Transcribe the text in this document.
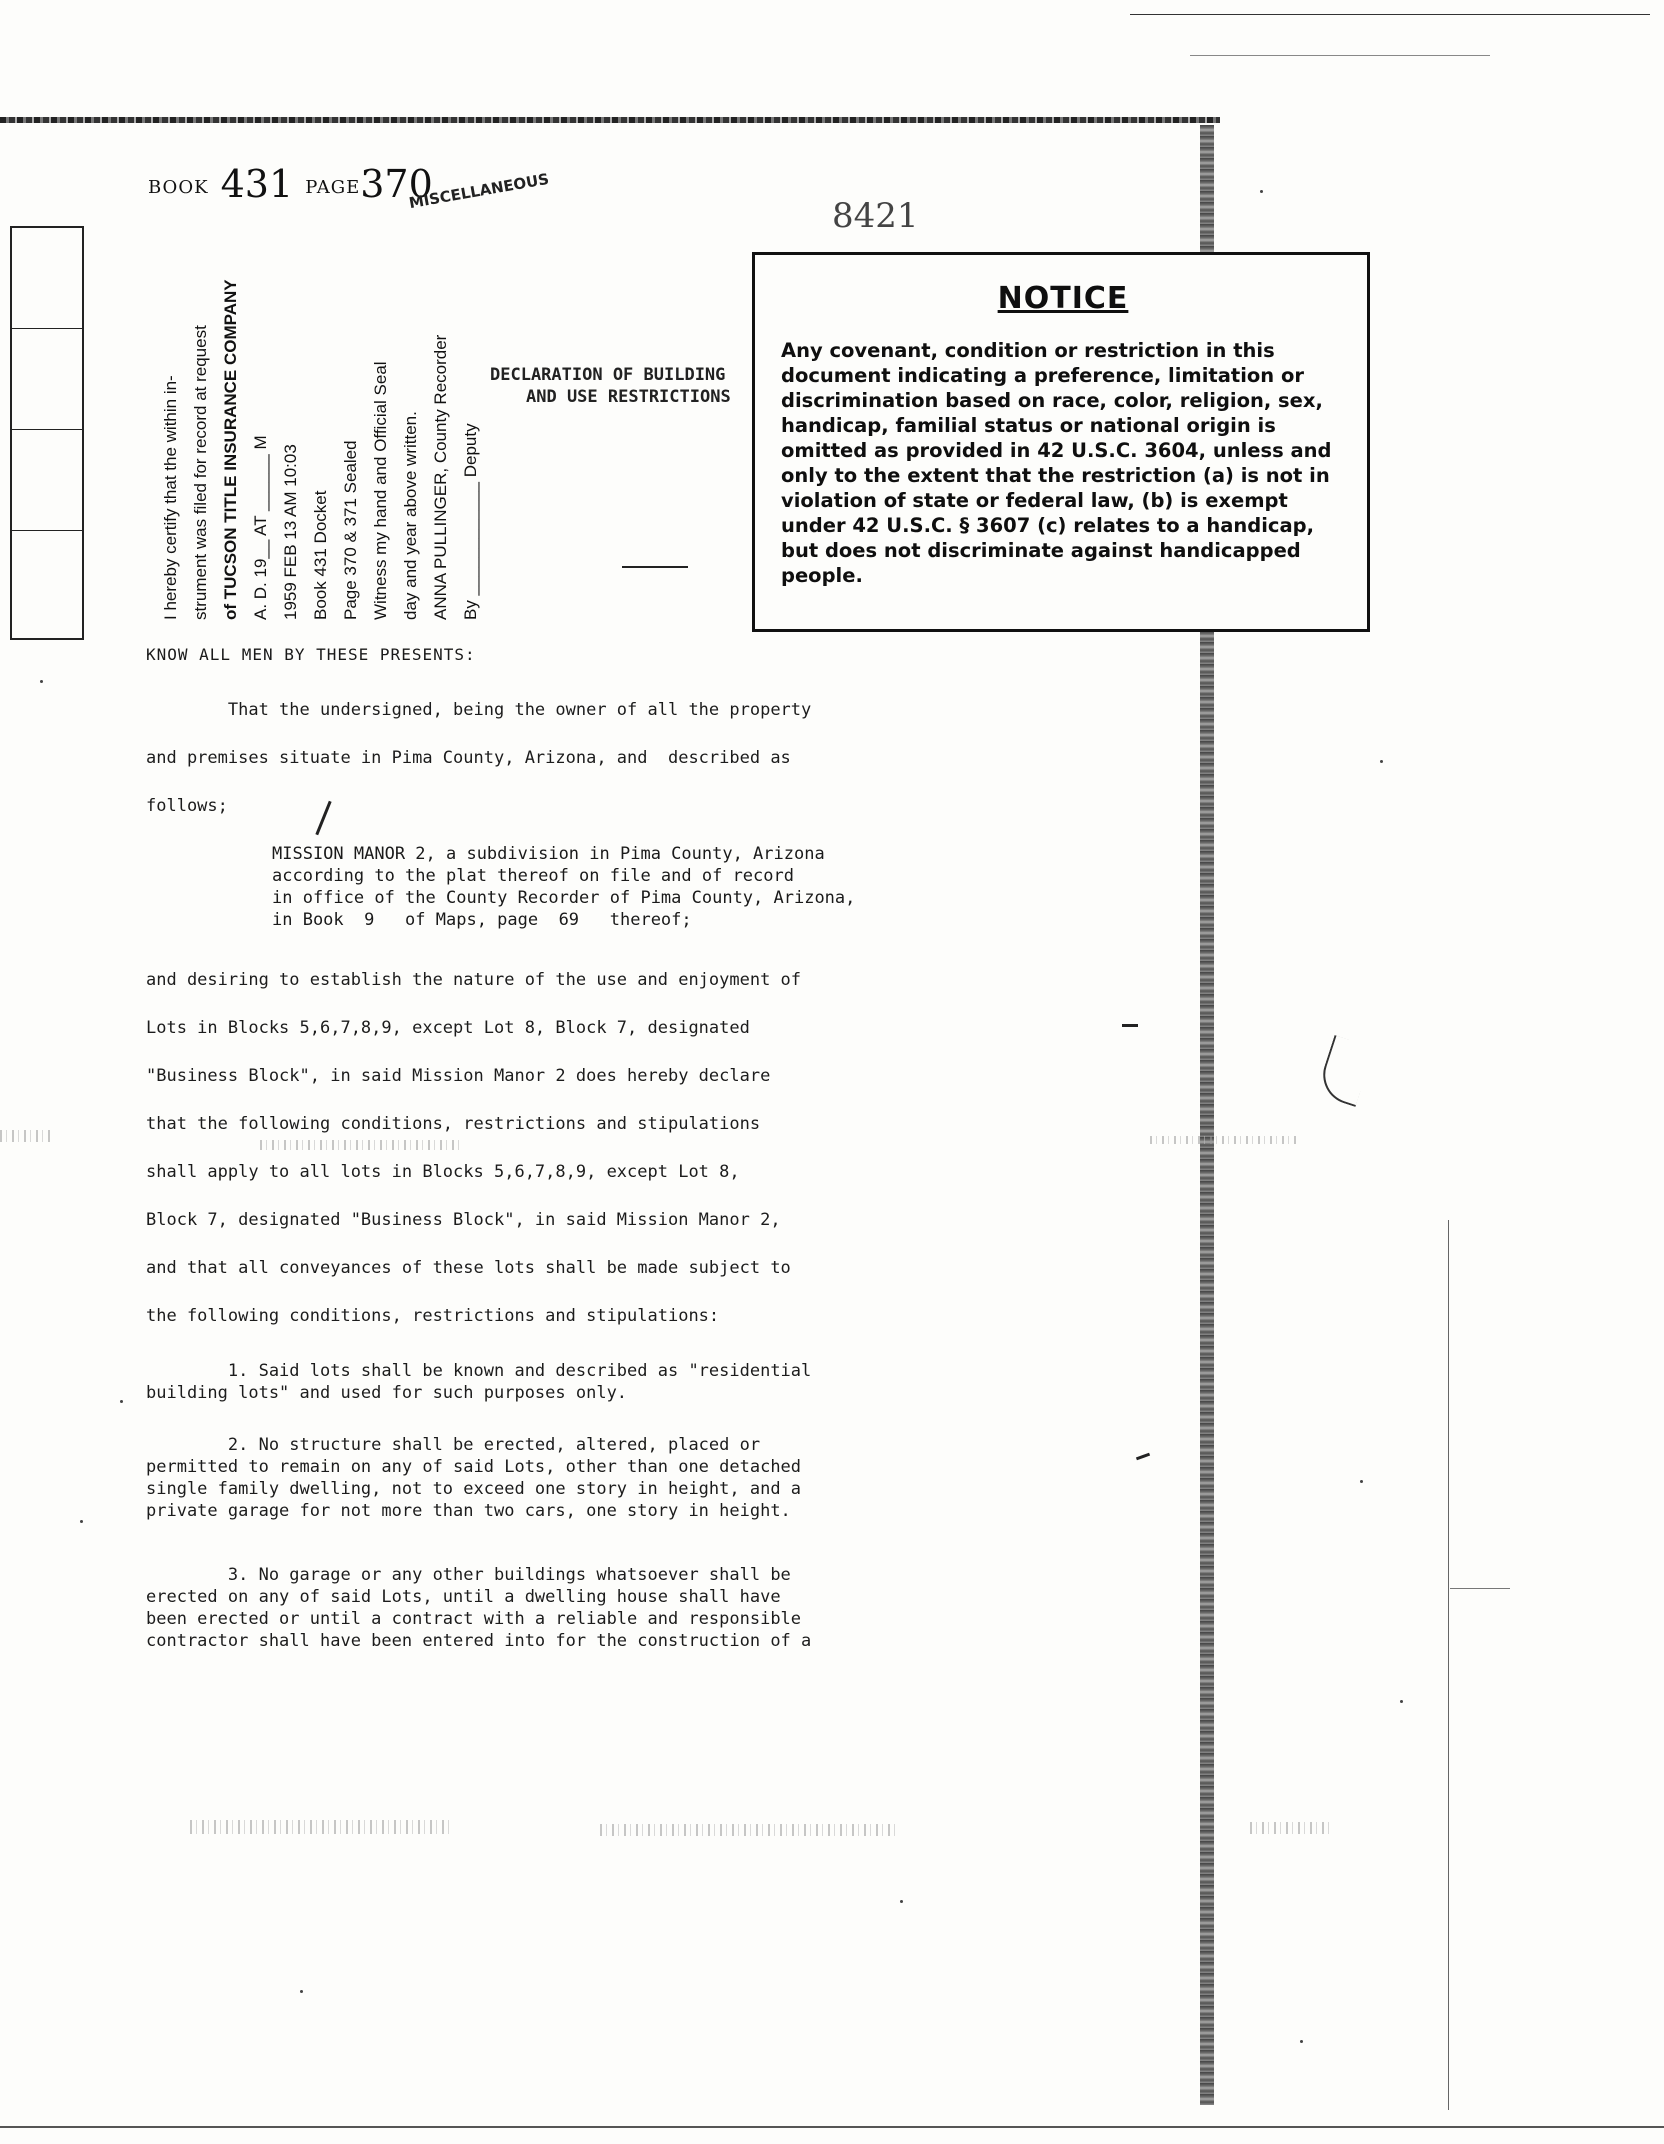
BOOK 431 PAGE370
MISCELLANEOUS
8421
I hereby certify that the within in- strument was filed for record at request of TUCSON TITLE INSURANCE COMPANY A. D. 19__ AT ______ M 1959 FEB 13 AM 10:03 Book 431 Docket Page 370 & 371 Sealed Witness my hand and Official Seal day and year above written. ANNA PULLINGER, County Recorder By ____________ Deputy
DECLARATION OF BUILDING
AND USE RESTRICTIONS
NOTICE
Any covenant, condition or restriction in this document indicating a preference, limitation or discrimination based on race, color, religion, sex, handicap, familial status or national origin is omitted as provided in 42 U.S.C. 3604, unless and only to the extent that the restriction (a) is not in violation of state or federal law, (b) is exempt under 42 U.S.C. § 3607 (c) relates to a handicap, but does not discriminate against handicapped people.
KNOW ALL MEN BY THESE PRESENTS:

That the undersigned, being the owner of all the property

and premises situate in Pima County, Arizona, and  described as

follows;

MISSION MANOR 2, a subdivision in Pima County, Arizona

according to the plat thereof on file and of record

in office of the County Recorder of Pima County, Arizona,

in Book  9   of Maps, page  69   thereof;

and desiring to establish the nature of the use and enjoyment of

Lots in Blocks 5,6,7,8,9, except Lot 8, Block 7, designated

"Business Block", in said Mission Manor 2 does hereby declare

that the following conditions, restrictions and stipulations

shall apply to all lots in Blocks 5,6,7,8,9, except Lot 8,

Block 7, designated "Business Block", in said Mission Manor 2,

and that all conveyances of these lots shall be made subject to

the following conditions, restrictions and stipulations:

1. Said lots shall be known and described as "residential

building lots" and used for such purposes only.

2. No structure shall be erected, altered, placed or

permitted to remain on any of said Lots, other than one detached

single family dwelling, not to exceed one story in height, and a

private garage for not more than two cars, one story in height.

3. No garage or any other buildings whatsoever shall be

erected on any of said Lots, until a dwelling house shall have

been erected or until a contract with a reliable and responsible

contractor shall have been entered into for the construction of a
